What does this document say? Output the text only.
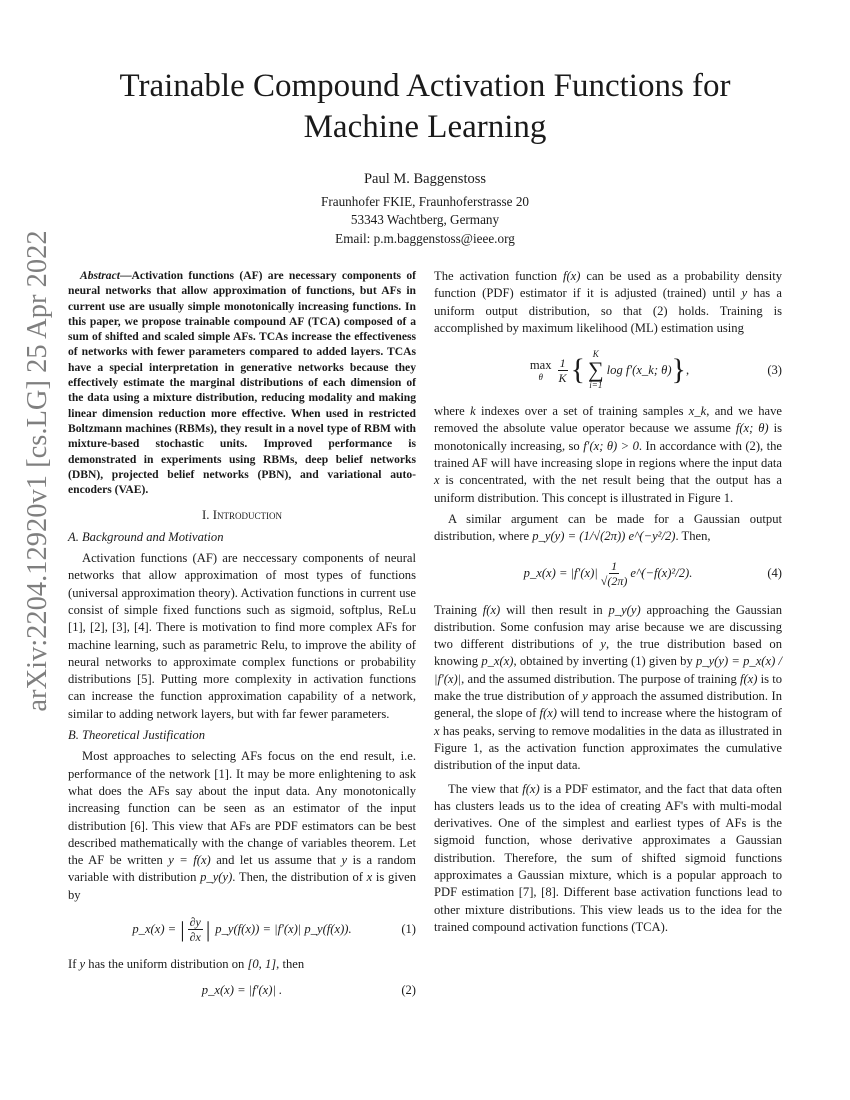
Trainable Compound Activation Functions for Machine Learning
Paul M. Baggenstoss
Fraunhofer FKIE, Fraunhoferstrasse 20
53343 Wachtberg, Germany
Email: p.m.baggenstoss@ieee.org
arXiv:2204.12920v1 [cs.LG] 25 Apr 2022	Abstract—Activation functions (AF) are necessary components of neural networks that allow approximation of functions, but AFs in current use are usually simple monotonically increasing functions. In this paper, we propose trainable compound AF (TCA) composed of a sum of shifted and scaled simple AFs. TCAs increase the effectiveness of networks with fewer parameters compared to added layers. TCAs have a special interpretation in generative networks because they effectively estimate the marginal distributions of each dimension of the data using a mixture distribution, reducing modality and making linear dimension reduction more effective. When used in restricted Boltzmann machines (RBMs), they result in a novel type of RBM with mixture-based stochastic units. Improved performance is demonstrated in experiments using RBMs, deep belief networks (DBN), projected belief networks (PBN), and variational auto-encoders (VAE).

I. Introduction
A. Background and Motivation

Activation functions (AF) are neccessary components of neural networks that allow approximation of most types of functions (universal approximation theory). Activation functions in current use consist of simple fixed functions such as sigmoid, softplus, ReLu [1], [2], [3], [4]. There is motivation to find more complex AFs for machine learning, such as parametric Relu, to improve the ability of neural networks to approximate complex functions or probability distributions [5]. Putting more complexity in activation functions can increase the function approximation capability of a network, similar to adding network layers, but with far fewer parameters.

B. Theoretical Justification

Most approaches to selecting AFs focus on the end result, i.e. performance of the network [1]. It may be more enlightening to ask what does the AFs say about the input data. Any monotonically increasing function can be seen as an estimator of the input distribution [6]. This view that AFs are PDF estimators can be best described mathematically with the change of variables theorem. Let the AF be written y = f(x) and let us assume that y is a random variable with distribution p_y(y). Then, the distribution of x is given by

p_x(x) = | $\frac{\partial y}{\partial x}$ | p_y(f(x)) = |f′(x)| p_y(f(x)).	(1)

If y has the uniform distribution on [0, 1], then

p_x(x) = |f′(x)| .	(2)

The activation function f(x) can be used as a probability density function (PDF) estimator if it is adjusted (trained) until y has a uniform output distribution, so that (2) holds. Training is accomplished by maximum likelihood (ML) estimation using

max
θ $\frac{1}{K}$ { K
∑
i=1
log f′(x_k; θ) } ,	(3)

where k indexes over a set of training samples x_k, and we have removed the absolute value operator because we assume f(x; θ) is monotonically increasing, so f′(x; θ) > 0. In accordance with (2), the trained AF will have increasing slope in regions where the input data x is concentrated, with the net result being that the output has a uniform distribution. This concept is illustrated in Figure 1.

A similar argument can be made for a Gaussian output distribution, where p_y(y) = (1/√(2π)) e^(−y²/2). Then,

p_x(x) = $|f'(x)| \frac{1}{√(2\pi)}$ e^(−f(x)²/2).	(4)

Training f(x) will then result in p_y(y) approaching the Gaussian distribution. Some confusion may arise because we are discussing two different distributions of y, the true distribution based on knowing p_x(x), obtained by inverting (1) given by p_y(y) = p_x(x) / |f′(x)|, and the assumed distribution. The purpose of training f(x) is to make the true distribution of y approach the assumed distribution. In general, the slope of f(x) will tend to increase where the histogram of x has peaks, serving to remove modalities in the data as illustrated in Figure 1, as the activation function approximates the cumulative distribution of the input data.

The view that f(x) is a PDF estimator, and the fact that data often has clusters leads us to the idea of creating AF's with multi-modal derivatives. One of the simplest and earliest types of AFs is the sigmoid function, whose derivative approximates a Gaussian distribution. Therefore, the sum of shifted sigmoid functions approximates a Gaussian mixture, which is a popular approach to PDF estimation [7], [8]. Different base activation functions lead to other mixture distributions. This view leads us to the idea for the trained compound activation functions (TCA).
